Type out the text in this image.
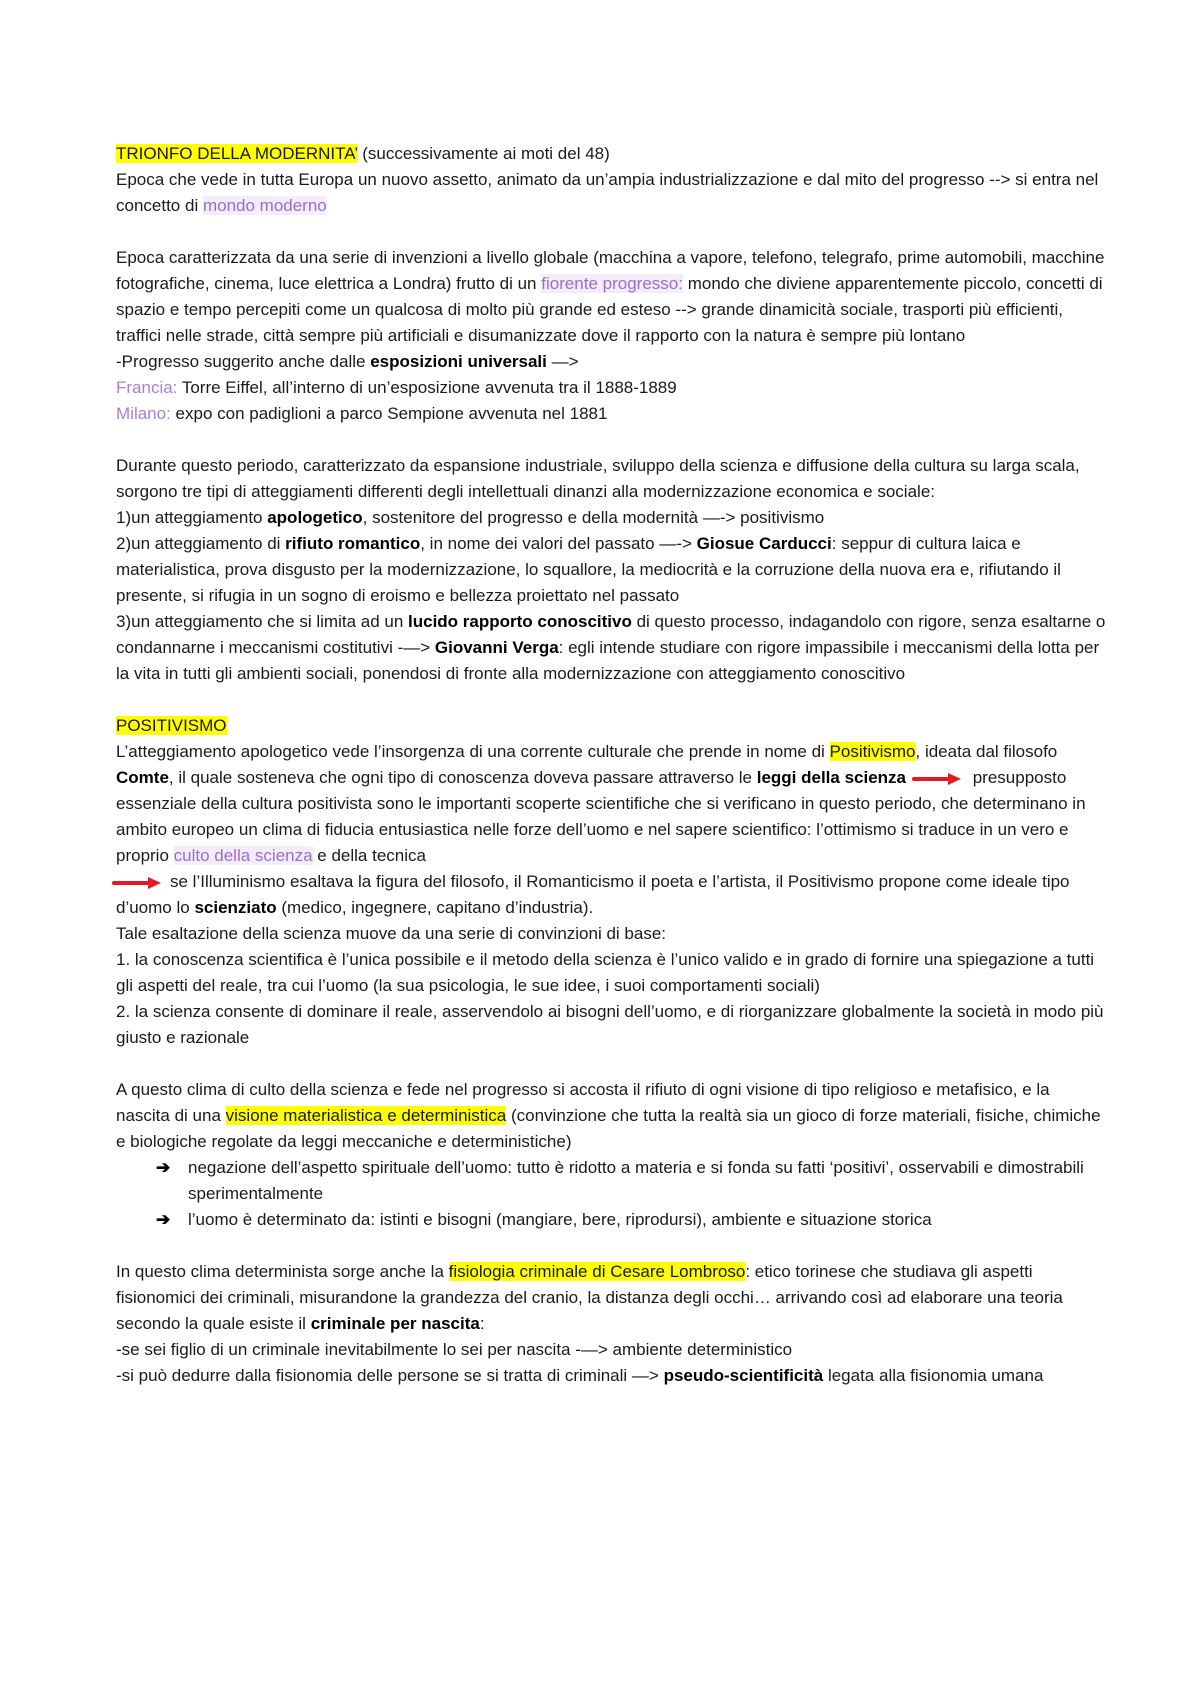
TRIONFO DELLA MODERNITA’ (successivamente ai moti del 48)
Epoca che vede in tutta Europa un nuovo assetto, animato da un’ampia industrializzazione e dal mito del progresso --> si entra nel concetto di mondo moderno
Epoca caratterizzata da una serie di invenzioni a livello globale (macchina a vapore, telefono, telegrafo, prime automobili, macchine fotografiche, cinema, luce elettrica a Londra) frutto di un fiorente progresso: mondo che diviene apparentemente piccolo, concetti di spazio e tempo percepiti come un qualcosa di molto più grande ed esteso --> grande dinamicità sociale, trasporti più efficienti, traffici nelle strade, città sempre più artificiali e disumanizzate dove il rapporto con la natura è sempre più lontano
-Progresso suggerito anche dalle esposizioni universali —>
Francia: Torre Eiffel, all’interno di un’esposizione avvenuta tra il 1888-1889
Milano: expo con padiglioni a parco Sempione avvenuta nel 1881
Durante questo periodo, caratterizzato da espansione industriale, sviluppo della scienza e diffusione della cultura su larga scala, sorgono tre tipi di atteggiamenti differenti degli intellettuali dinanzi alla modernizzazione economica e sociale:
1)un atteggiamento apologetico, sostenitore del progresso e della modernità —-> positivismo
2)un atteggiamento di rifiuto romantico, in nome dei valori del passato —-> Giosue Carducci: seppur di cultura laica e materialistica, prova disgusto per la modernizzazione, lo squallore, la mediocrità e la corruzione della nuova era e, rifiutando il presente, si rifugia in un sogno di eroismo e bellezza proiettato nel passato
3)un atteggiamento che si limita ad un lucido rapporto conoscitivo di questo processo, indagandolo con rigore, senza esaltarne o condannarne i meccanismi costitutivi -—> Giovanni Verga: egli intende studiare con rigore impassibile i meccanismi della lotta per la vita in tutti gli ambienti sociali, ponendosi di fronte alla modernizzazione con atteggiamento conoscitivo
POSITIVISMO
L’atteggiamento apologetico vede l’insorgenza di una corrente culturale che prende in nome di Positivismo, ideata dal filosofo Comte, il quale sosteneva che ogni tipo di conoscenza doveva passare attraverso le leggi della scienza	presupposto essenziale della cultura positivista sono le importanti scoperte scientifiche che si verificano in questo periodo, che determinano in ambito europeo un clima di fiducia entusiastica nelle forze dell’uomo e nel sapere scientifico: l’ottimismo si traduce in un vero e proprio culto della scienza e della tecnica
se l’Illuminismo esaltava la figura del filosofo, il Romanticismo il poeta e l’artista, il Positivismo propone come ideale tipo d’uomo lo scienziato (medico, ingegnere, capitano d’industria).
Tale esaltazione della scienza muove da una serie di convinzioni di base:
1. la conoscenza scientifica è l’unica possibile e il metodo della scienza è l’unico valido e in grado di fornire una spiegazione a tutti gli aspetti del reale, tra cui l’uomo (la sua psicologia, le sue idee, i suoi comportamenti sociali)
2. la scienza consente di dominare il reale, asservendolo ai bisogni dell’uomo, e di riorganizzare globalmente la società in modo più giusto e razionale
A questo clima di culto della scienza e fede nel progresso si accosta il rifiuto di ogni visione di tipo religioso e metafisico, e la nascita di una visione materialistica e deterministica (convinzione che tutta la realtà sia un gioco di forze materiali, fisiche, chimiche e biologiche regolate da leggi meccaniche e deterministiche)
➔ negazione dell’aspetto spirituale dell’uomo: tutto è ridotto a materia e si fonda su fatti ‘positivi’, osservabili e dimostrabili sperimentalmente
➔ l’uomo è determinato da: istinti e bisogni (mangiare, bere, riprodursi), ambiente e situazione storica
In questo clima determinista sorge anche la fisiologia criminale di Cesare Lombroso: etico torinese che studiava gli aspetti fisionomici dei criminali, misurandone la grandezza del cranio, la distanza degli occhi… arrivando così ad elaborare una teoria secondo la quale esiste il criminale per nascita:
-se sei figlio di un criminale inevitabilmente lo sei per nascita -—> ambiente deterministico
-si può dedurre dalla fisionomia delle persone se si tratta di criminali —> pseudo-scientificità legata alla fisionomia umana
